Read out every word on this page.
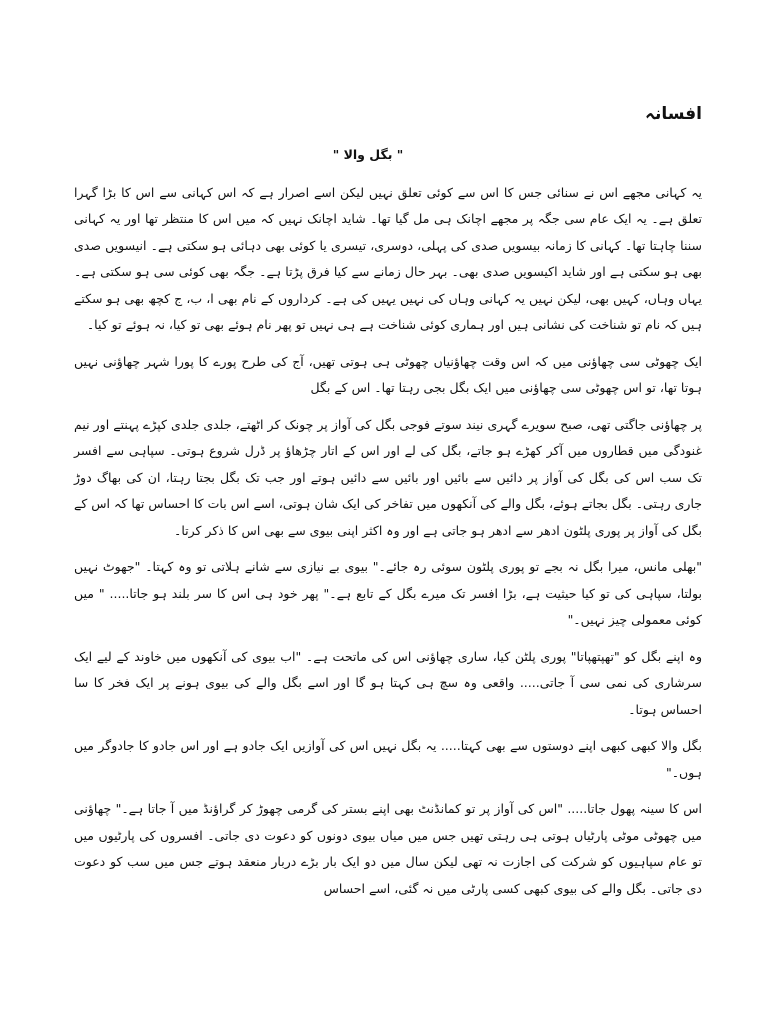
افسانہ
" بگل والا "

یہ کہانی مجھے اس نے سنائی جس کا اس سے کوئی تعلق نہیں لیکن اسے اصرار ہے کہ اس کہانی سے اس کا بڑا گہرا تعلق ہے۔ یہ ایک عام سی جگہ پر مجھے اچانک ہی مل گیا تھا۔ شاید اچانک نہیں کہ میں اس کا منتظر تھا اور یہ کہانی سننا چاہتا تھا۔ کہانی کا زمانہ بیسویں صدی کی پہلی، دوسری، تیسری یا کوئی بھی دہائی ہو سکتی ہے۔ انیسویں صدی بھی ہو سکتی ہے اور شاید اکیسویں صدی بھی۔ بہر حال زمانے سے کیا فرق پڑتا ہے۔ جگہ بھی کوئی سی ہو سکتی ہے۔ یہاں وہاں، کہیں بھی، لیکن نہیں یہ کہانی وہاں کی نہیں یہیں کی ہے۔ کرداروں کے نام بھی ا، ب، ج کچھ بھی ہو سکتے ہیں کہ نام تو شناخت کی نشانی ہیں اور ہماری کوئی شناخت ہے ہی نہیں تو پھر نام ہوئے بھی تو کیا، نہ ہوئے تو کیا۔

ایک چھوٹی سی چھاؤنی میں کہ اس وقت چھاؤنیاں چھوٹی ہی ہوتی تھیں، آج کی طرح پورے کا پورا شہر چھاؤنی نہیں ہوتا تھا، تو اس چھوٹی سی چھاؤنی میں ایک بگل بجی رہتا تھا۔ اس کے بگل

پر چھاؤنی جاگتی تھی، صبح سویرے گہری نیند سوتے فوجی بگل کی آواز پر چونک کر اٹھتے، جلدی جلدی کپڑے پہنتے اور نیم غنودگی میں قطاروں میں آکر کھڑے ہو جاتے، بگل کی لے اور اس کے اتار چڑھاؤ پر ڈرل شروع ہوتی۔ سپاہی سے افسر تک سب اس کی بگل کی آواز پر دائیں سے بائیں اور بائیں سے دائیں ہوتے اور جب تک بگل بجتا رہتا، ان کی بھاگ دوڑ جاری رہتی۔ بگل بجاتے ہوئے، بگل والے کی آنکھوں میں تفاخر کی ایک شان ہوتی، اسے اس بات کا احساس تھا کہ اس کے بگل کی آواز پر پوری پلٹون ادھر سے ادھر ہو جاتی ہے اور وہ اکثر اپنی بیوی سے بھی اس کا ذکر کرتا۔

"بھلی مانس، میرا بگل نہ بجے تو پوری پلٹون سوئی رہ جائے۔" بیوی بے نیازی سے شانے ہلاتی تو وہ کہتا۔ "جھوٹ نہیں بولتا، سپاہی کی تو کیا حیثیت ہے، بڑا افسر تک میرے بگل کے تابع ہے۔" پھر خود ہی اس کا سر بلند ہو جاتا..... " میں کوئی معمولی چیز نہیں۔"

وہ اپنے بگل کو "تھپتھپاتا" پوری پلٹن کیا، ساری چھاؤنی اس کی ماتحت ہے۔ "اب بیوی کی آنکھوں میں خاوند کے لیے ایک سرشاری کی نمی سی آ جاتی..... واقعی وہ سچ ہی کہتا ہو گا اور اسے بگل والے کی بیوی ہونے پر ایک فخر کا سا احساس ہوتا۔

بگل والا کبھی کبھی اپنے دوستوں سے بھی کہتا..... یہ بگل نہیں اس کی آوازیں ایک جادو ہے اور اس جادو کا جادوگر میں ہوں۔"

اس کا سینہ پھول جاتا..... "اس کی آواز پر تو کمانڈنٹ بھی اپنے بستر کی گرمی چھوڑ کر گراؤنڈ میں آ جاتا ہے۔" چھاؤنی میں چھوٹی موٹی پارٹیاں ہوتی ہی رہتی تھیں جس میں میاں بیوی دونوں کو دعوت دی جاتی۔ افسروں کی پارٹیوں میں تو عام سپاہیوں کو شرکت کی اجازت نہ تھی لیکن سال میں دو ایک بار بڑے دربار منعقد ہوتے جس میں سب کو دعوت دی جاتی۔ بگل والے کی بیوی کبھی کسی پارٹی میں نہ گئی، اسے احساس
